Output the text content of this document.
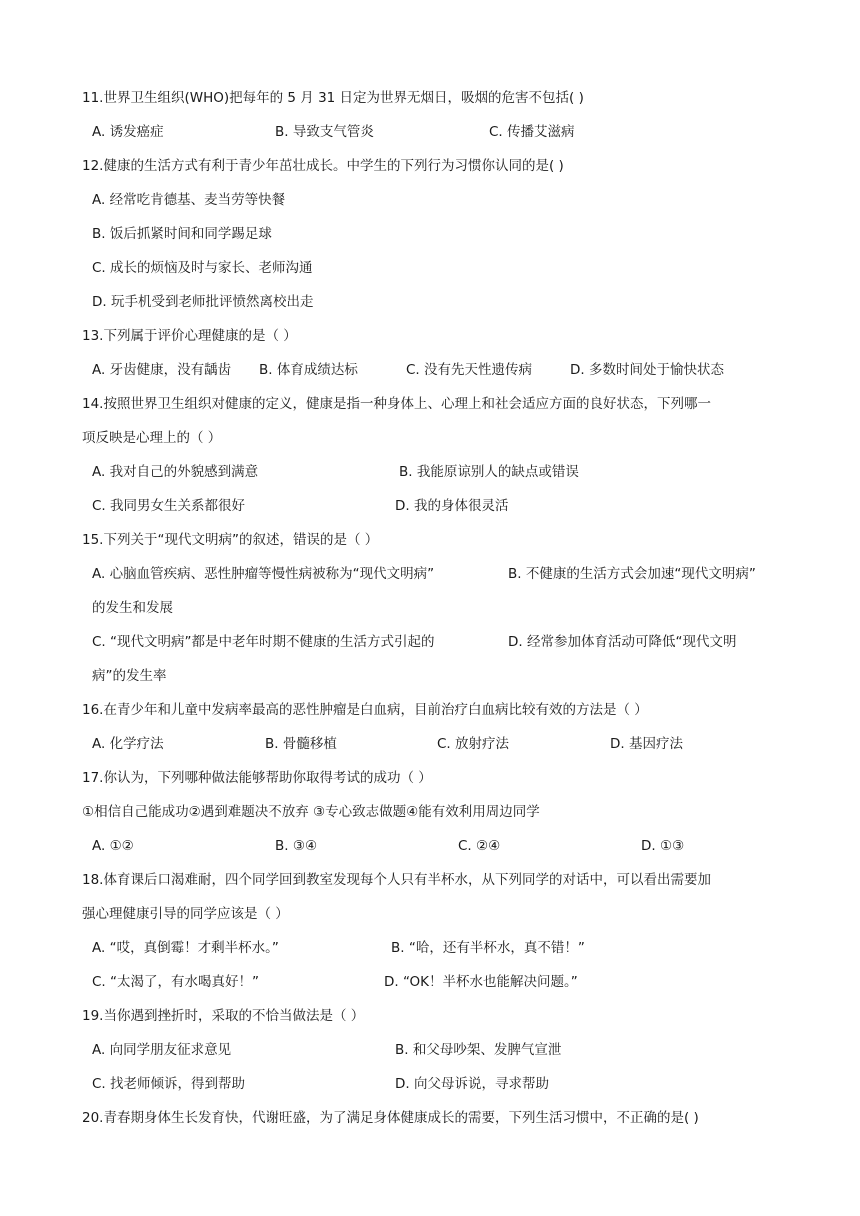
11.世界卫生组织(WHO)把每年的 5 月 31 日定为世界无烟日，吸烟的危害不包括( )
A. 诱发癌症	B. 导致支气管炎	C. 传播艾滋病
12.健康的生活方式有利于青少年茁壮成长。中学生的下列行为习惯你认同的是( )
A. 经常吃肯德基、麦当劳等快餐
B. 饭后抓紧时间和同学踢足球
C. 成长的烦恼及时与家长、老师沟通
D. 玩手机受到老师批评愤然离校出走
13.下列属于评价心理健康的是（ ）
A. 牙齿健康，没有龋齿 B. 体育成绩达标	C. 没有先天性遗传病	D. 多数时间处于愉快状态
14.按照世界卫生组织对健康的定义，健康是指一种身体上、心理上和社会适应方面的良好状态，下列哪一
项反映是心理上的（ ）
A. 我对自己的外貌感到满意	B. 我能原谅别人的缺点或错误
C. 我同男女生关系都很好	D. 我的身体很灵活
15.下列关于“现代文明病”的叙述，错误的是（ ）
A. 心脑血管疾病、恶性肿瘤等慢性病被称为“现代文明病”	B. 不健康的生活方式会加速“现代文明病”
的发生和发展
C. “现代文明病”都是中老年时期不健康的生活方式引起的	D. 经常参加体育活动可降低“现代文明
病”的发生率
16.在青少年和儿童中发病率最高的恶性肿瘤是白血病，目前治疗白血病比较有效的方法是（ ）
A. 化学疗法	B. 骨髓移植	C. 放射疗法	D. 基因疗法
17.你认为，下列哪种做法能够帮助你取得考试的成功（ ）
①相信自己能成功②遇到难题决不放弃 ③专心致志做题④能有效利用周边同学
A. ①②	B. ③④	C. ②④	D. ①③
18.体育课后口渴难耐，四个同学回到教室发现每个人只有半杯水，从下列同学的对话中，可以看出需要加
强心理健康引导的同学应该是（ ）
A. “哎，真倒霉！才剩半杯水。”	B. “哈，还有半杯水，真不错！”
C. “太渴了，有水喝真好！”	D. “OK！半杯水也能解决问题。”
19.当你遇到挫折时，采取的不恰当做法是（ ）
A. 向同学朋友征求意见	B. 和父母吵架、发脾气宣泄
C. 找老师倾诉，得到帮助	D. 向父母诉说，寻求帮助
20.青春期身体生长发育快，代谢旺盛，为了满足身体健康成长的需要，下列生活习惯中，不正确的是( )
